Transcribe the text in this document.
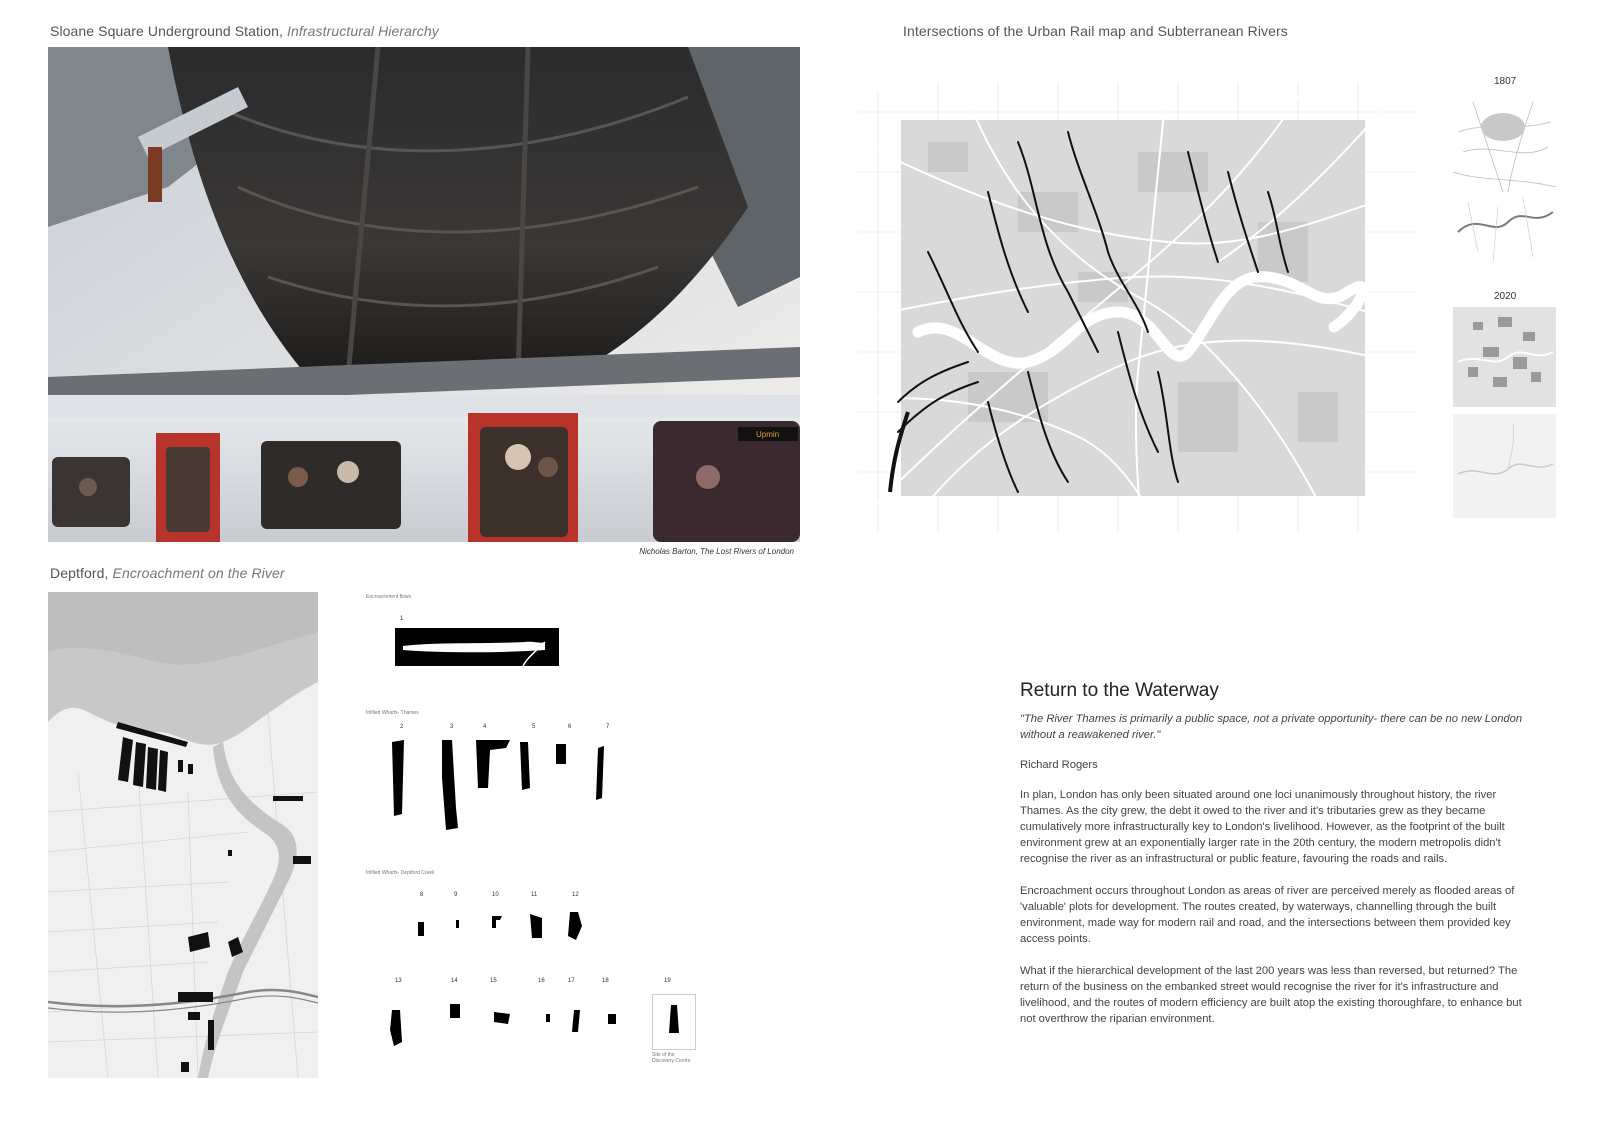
Sloane Square Underground Station, Infrastructural Hierarchy
Upmin
Nicholas Barton, The Lost Rivers of London
Intersections of the Urban Rail map and Subterranean Rivers
1807
2020
Deptford, Encroachment on the River
Encroachment flows
1
Infilled Wharfs- Thames
2	3	4	5	6	7
Infilled Wharfs- Deptford Creek
8	9	10	11	12
13	14	15	16	17	18	19
Site of the Discovery Centre
Return to the Waterway

"The River Thames is primarily a public space, not a private opportunity- there can be no new London without a reawakened river."

Richard Rogers

In plan, London has only been situated around one loci unanimously throughout history, the river Thames. As the city grew, the debt it owed to the river and it's tributaries grew as they became cumulatively more infrastructurally key to London's livelihood. However, as the footprint of the built environment grew at an exponentially larger rate in the 20th century, the modern metropolis didn't recognise the river as an infrastructural or public feature, favouring the roads and rails.

Encroachment occurs throughout London as areas of river are perceived merely as flooded areas of 'valuable' plots for development. The routes created, by waterways, channelling through the built environment, made way for modern rail and road, and the intersections between them provided key access points.

What if the hierarchical development of the last 200 years was less than reversed, but returned? The return of the business on the embanked street would recognise the river for it's infrastructure and livelihood, and the routes of modern efficiency are built atop the existing thoroughfare, to enhance but not overthrow the riparian environment.
